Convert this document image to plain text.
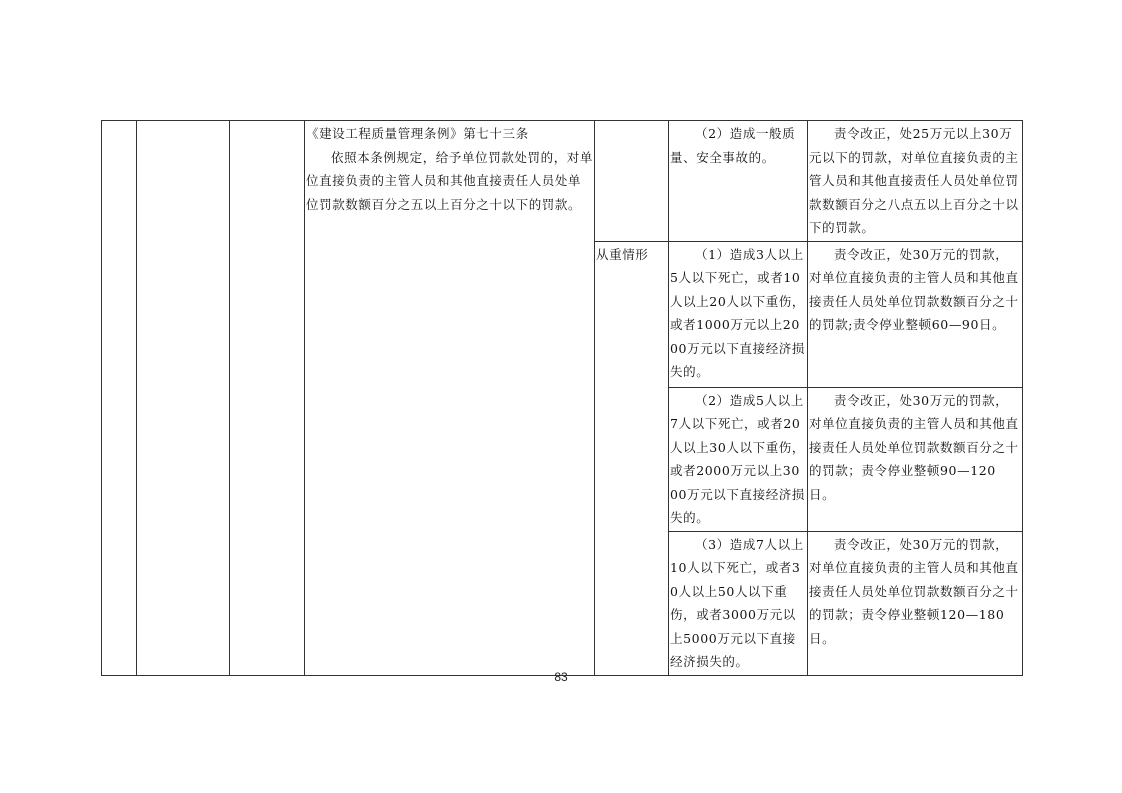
			《建设工程质量管理条例》第七十三条
依照本条例规定，给予单位罚款处罚的，对单位直接负责的主管人员和其他直接责任人员处单位罚款数额百分之五以上百分之十以下的罚款。		（2）造成一般质量、安全事故的。	责令改正，处25万元以上30万元以下的罚款，对单位直接负责的主管人员和其他直接责任人员处单位罚款数额百分之八点五以上百分之十以下的罚款。

				从重情形	（1）造成3人以上5人以下死亡，或者10人以上20人以下重伤，或者1000万元以上2000万元以下直接经济损失的。	责令改正，处30万元的罚款，对单位直接负责的主管人员和其他直接责任人员处单位罚款数额百分之十的罚款;责令停业整顿60—90日。

					（2）造成5人以上7人以下死亡，或者20人以上30人以下重伤，或者2000万元以上3000万元以下直接经济损失的。	责令改正，处30万元的罚款，对单位直接负责的主管人员和其他直接责任人员处单位罚款数额百分之十的罚款；责令停业整顿90—120日。

					（3）造成7人以上10人以下死亡，或者30人以上50人以下重伤，或者3000万元以上5000万元以下直接经济损失的。	责令改正，处30万元的罚款，对单位直接负责的主管人员和其他直接责任人员处单位罚款数额百分之十的罚款；责令停业整顿120—180日。
83
